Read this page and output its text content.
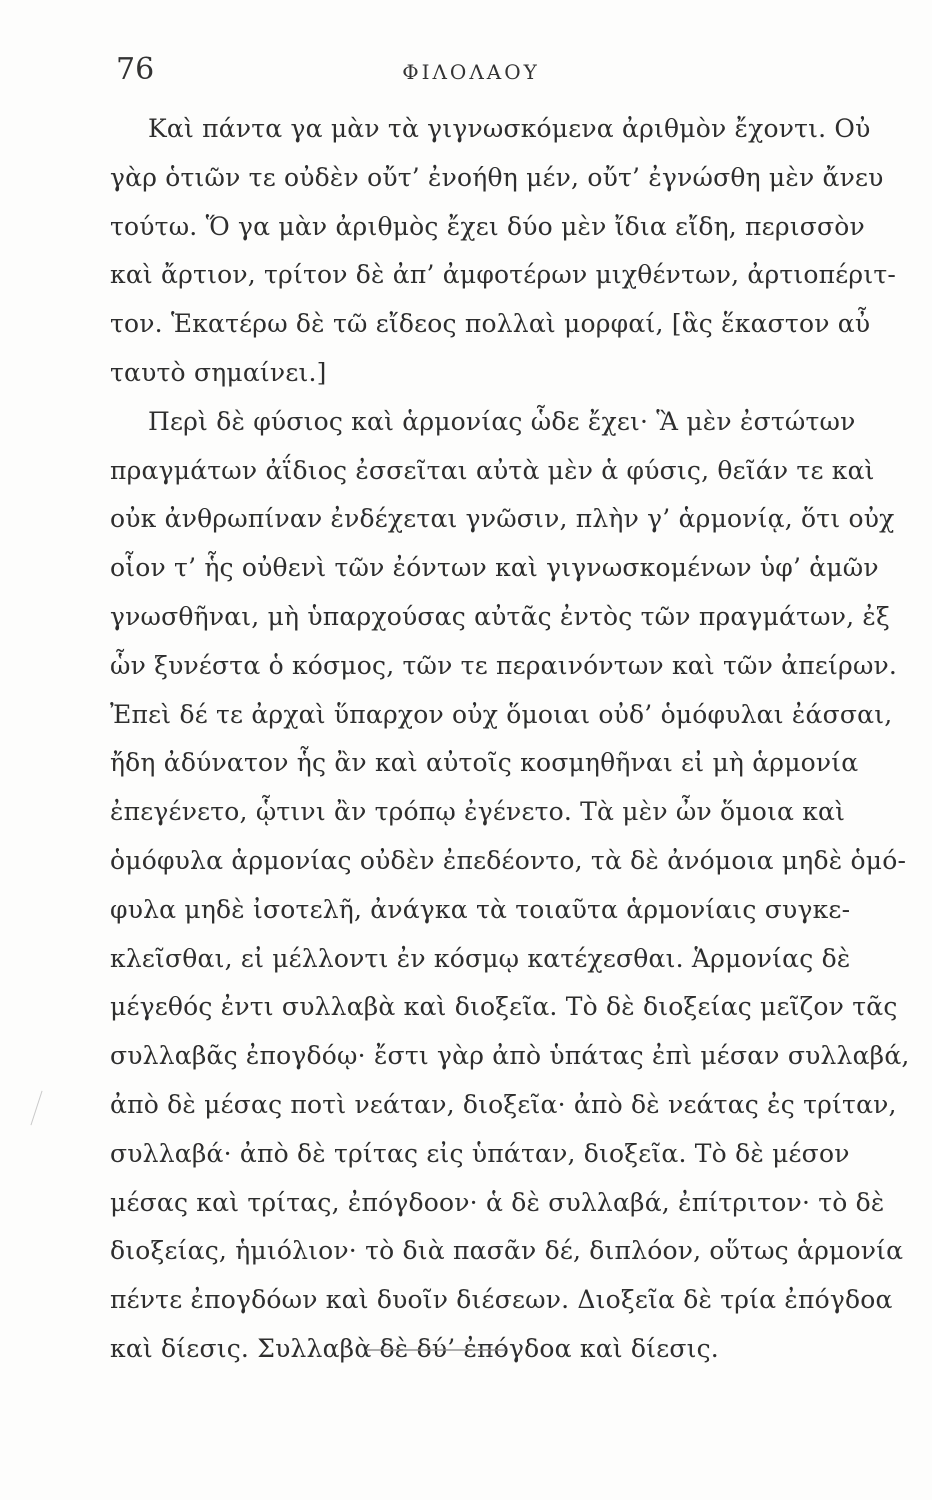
76	ΦΙΛΟΛΑΟΥ
Καὶ πάντα γα μὰν τὰ γιγνωσκόμενα ἀριθμὸν ἔχοντι. Οὐ
γὰρ ὁτιῶν τε οὐδὲν οὔτ’ ἐνοήθη μέν, οὔτ’ ἐγνώσθη μὲν ἄνευ
τούτω. Ὅ γα μὰν ἀριθμὸς ἔχει δύο μὲν ἴδια εἴδη, περισσὸν
καὶ ἄρτιον, τρίτον δὲ ἀπ’ ἀμφοτέρων μιχθέντων, ἀρτιοπέριτ-
τον. Ἑκατέρω δὲ τῶ εἴδεος πολλαὶ μορφαί, [ἃς ἕκαστον αὖ
ταυτὸ σημαίνει.]
Περὶ δὲ φύσιος καὶ ἁρμονίας ὧδε ἔχει· Ἃ μὲν ἐστώτων
πραγμάτων ἀΐδιος ἐσσεῖται αὐτὰ μὲν ἁ φύσις, θεῖάν τε καὶ
οὐκ ἀνθρωπίναν ἐνδέχεται γνῶσιν, πλὴν γ’ ἁρμονίᾳ, ὅτι οὐχ
οἷον τ’ ἧς οὐθενὶ τῶν ἐόντων καὶ γιγνωσκομένων ὑφ’ ἁμῶν
γνωσθῆναι, μὴ ὑπαρχούσας αὐτᾶς ἐντὸς τῶν πραγμάτων, ἐξ
ὧν ξυνέστα ὁ κόσμος, τῶν τε περαινόντων καὶ τῶν ἀπείρων.
Ἐπεὶ δέ τε ἀρχαὶ ὕπαρχον οὐχ ὅμοιαι οὐδ’ ὁμόφυλαι ἐάσσαι,
ἤδη ἀδύνατον ἧς ἂν καὶ αὐτοῖς κοσμηθῆναι εἰ μὴ ἁρμονία
ἐπεγένετο, ᾧτινι ἂν τρόπῳ ἐγένετο. Τὰ μὲν ὦν ὅμοια καὶ
ὁμόφυλα ἁρμονίας οὐδὲν ἐπεδέοντο, τὰ δὲ ἀνόμοια μηδὲ ὁμό-
φυλα μηδὲ ἰσοτελῆ, ἀνάγκα τὰ τοιαῦτα ἁρμονίαις συγκε-
κλεῖσθαι, εἰ μέλλοντι ἐν κόσμῳ κατέχεσθαι. Ἁρμονίας δὲ
μέγεθός ἐντι συλλαβὰ καὶ διοξεῖα. Τὸ δὲ διοξείας μεῖζον τᾶς
συλλαβᾶς ἐπογδόῳ· ἔστι γὰρ ἀπὸ ὑπάτας ἐπὶ μέσαν συλλαβά,
ἀπὸ δὲ μέσας ποτὶ νεάταν, διοξεῖα· ἀπὸ δὲ νεάτας ἐς τρίταν,
συλλαβά· ἀπὸ δὲ τρίτας εἰς ὑπάταν, διοξεῖα. Τὸ δὲ μέσον
μέσας καὶ τρίτας, ἐπόγδοον· ἁ δὲ συλλαβά, ἐπίτριτον· τὸ δὲ
διοξείας, ἡμιόλιον· τὸ διὰ πασᾶν δέ, διπλόον, οὕτως ἁρμονία
πέντε ἐπογδόων καὶ δυοῖν διέσεων. Διοξεῖα δὲ τρία ἐπόγδοα
καὶ δίεσις. Συλλαβὰ δὲ δύ’ ἐπόγδοα καὶ δίεσις.
